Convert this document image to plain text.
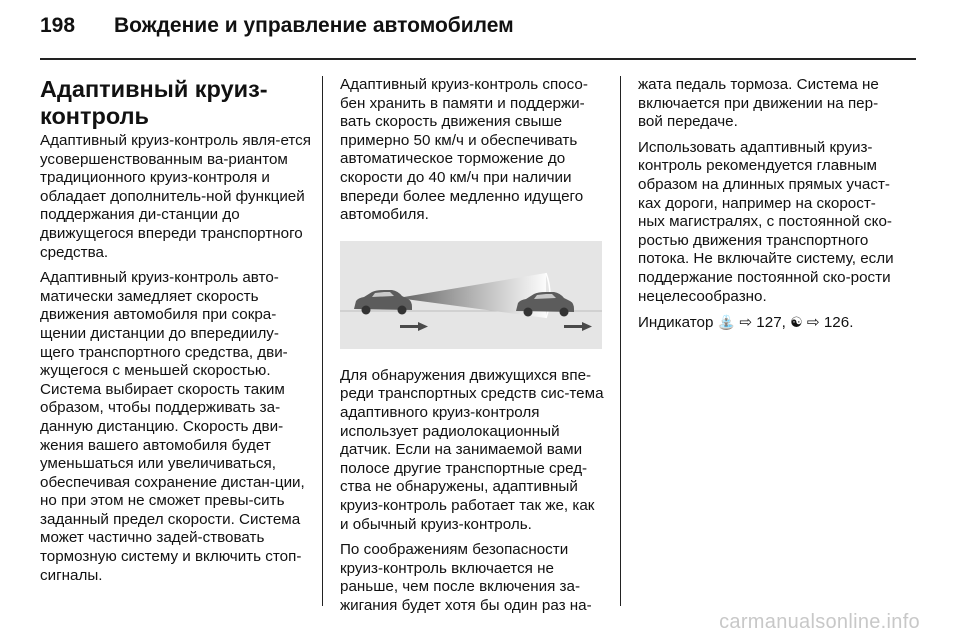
198 Вождение и управление автомобилем
Адаптивный круиз-контроль

Адаптивный круиз-контроль явля-ется усовершенствованным ва-риантом традиционного круиз-контроля и обладает дополнитель-ной функцией поддержания ди-станции до движущегося впереди транспортного средства.

Адаптивный круиз-контроль авто-матически замедляет скорость движения автомобиля при сокра-щении дистанции до впередиилу-щего транспортного средства, дви-жущегося с меньшей скоростью. Система выбирает скорость таким образом, чтобы поддерживать за-данную дистанцию. Скорость дви-жения вашего автомобиля будет уменьшаться или увеличиваться, обеспечивая сохранение дистан-ции, но при этом не сможет превы-сить заданный предел скорости. Система может частично задей-ствовать тормозную систему и включить стоп-сигналы.

Адаптивный круиз-контроль спосо-бен хранить в памяти и поддержи-вать скорость движения свыше примерно 50 км/ч и обеспечивать автоматическое торможение до скорости до 40 км/ч при наличии впереди более медленно идущего автомобиля.

Для обнаружения движущихся впе-реди транспортных средств сис-тема адаптивного круиз-контроля использует радиолокационный датчик. Если на занимаемой вами полосе другие транспортные сред-ства не обнаружены, адаптивный круиз-контроль работает так же, как и обычный круиз-контроль.

По соображениям безопасности круиз-контроль включается не раньше, чем после включения за-жигания будет хотя бы один раз на-

жата педаль тормоза. Система не включается при движении на пер-вой передаче.

Использовать адаптивный круиз-контроль рекомендуется главным образом на длинных прямых участ-ках дороги, например на скорост-ных магистралях, с постоянной ско-ростью движения транспортного потока. Не включайте систему, если поддержание постоянной ско-рости нецелесообразно.

Индикатор ⛲ ⇨ 127, ☯ ⇨ 126.

carmanualsonline.info
